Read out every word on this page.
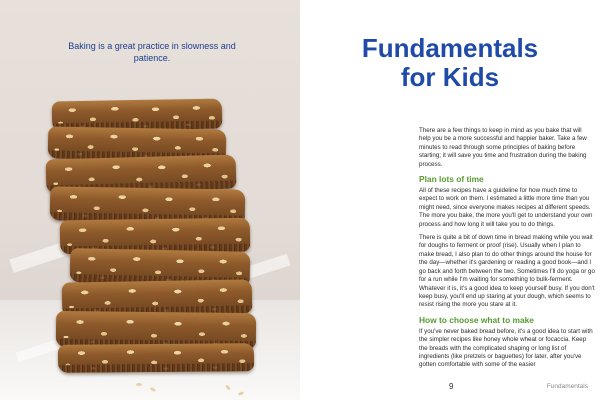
Baking is a great practice in slowness and patience.	Fundamentals
for Kids

There are a few things to keep in mind as you bake that will help you be a more successful and happier baker. Take a few minutes to read through some principles of baking before starting; it will save you time and frustration during the baking process.

Plan lots of time

All of these recipes have a guideline for how much time to expect to work on them. I estimated a little more time than you might need, since everyone makes recipes at different speeds. The more you bake, the more you'll get to understand your own process and how long it will take you to do things.

There is quite a bit of down time in bread making while you wait for doughs to ferment or proof (rise). Usually when I plan to make bread, I also plan to do other things around the house for the day—whether it's gardening or reading a good book—and I go back and forth between the two. Sometimes I'll do yoga or go for a run while I'm waiting for something to bulk-ferment. Whatever it is, it's a good idea to keep yourself busy. If you don't keep busy, you'll end up staring at your dough, which seems to resist rising the more you stare at it.

How to choose what to make

If you've never baked bread before, it's a good idea to start with the simpler recipes like honey whole wheat or focaccia. Keep the breads with the complicated shaping or long list of ingredients (like pretzels or baguettes) for later, after you've gotten comfortable with some of the easier

9	Fundamentals
